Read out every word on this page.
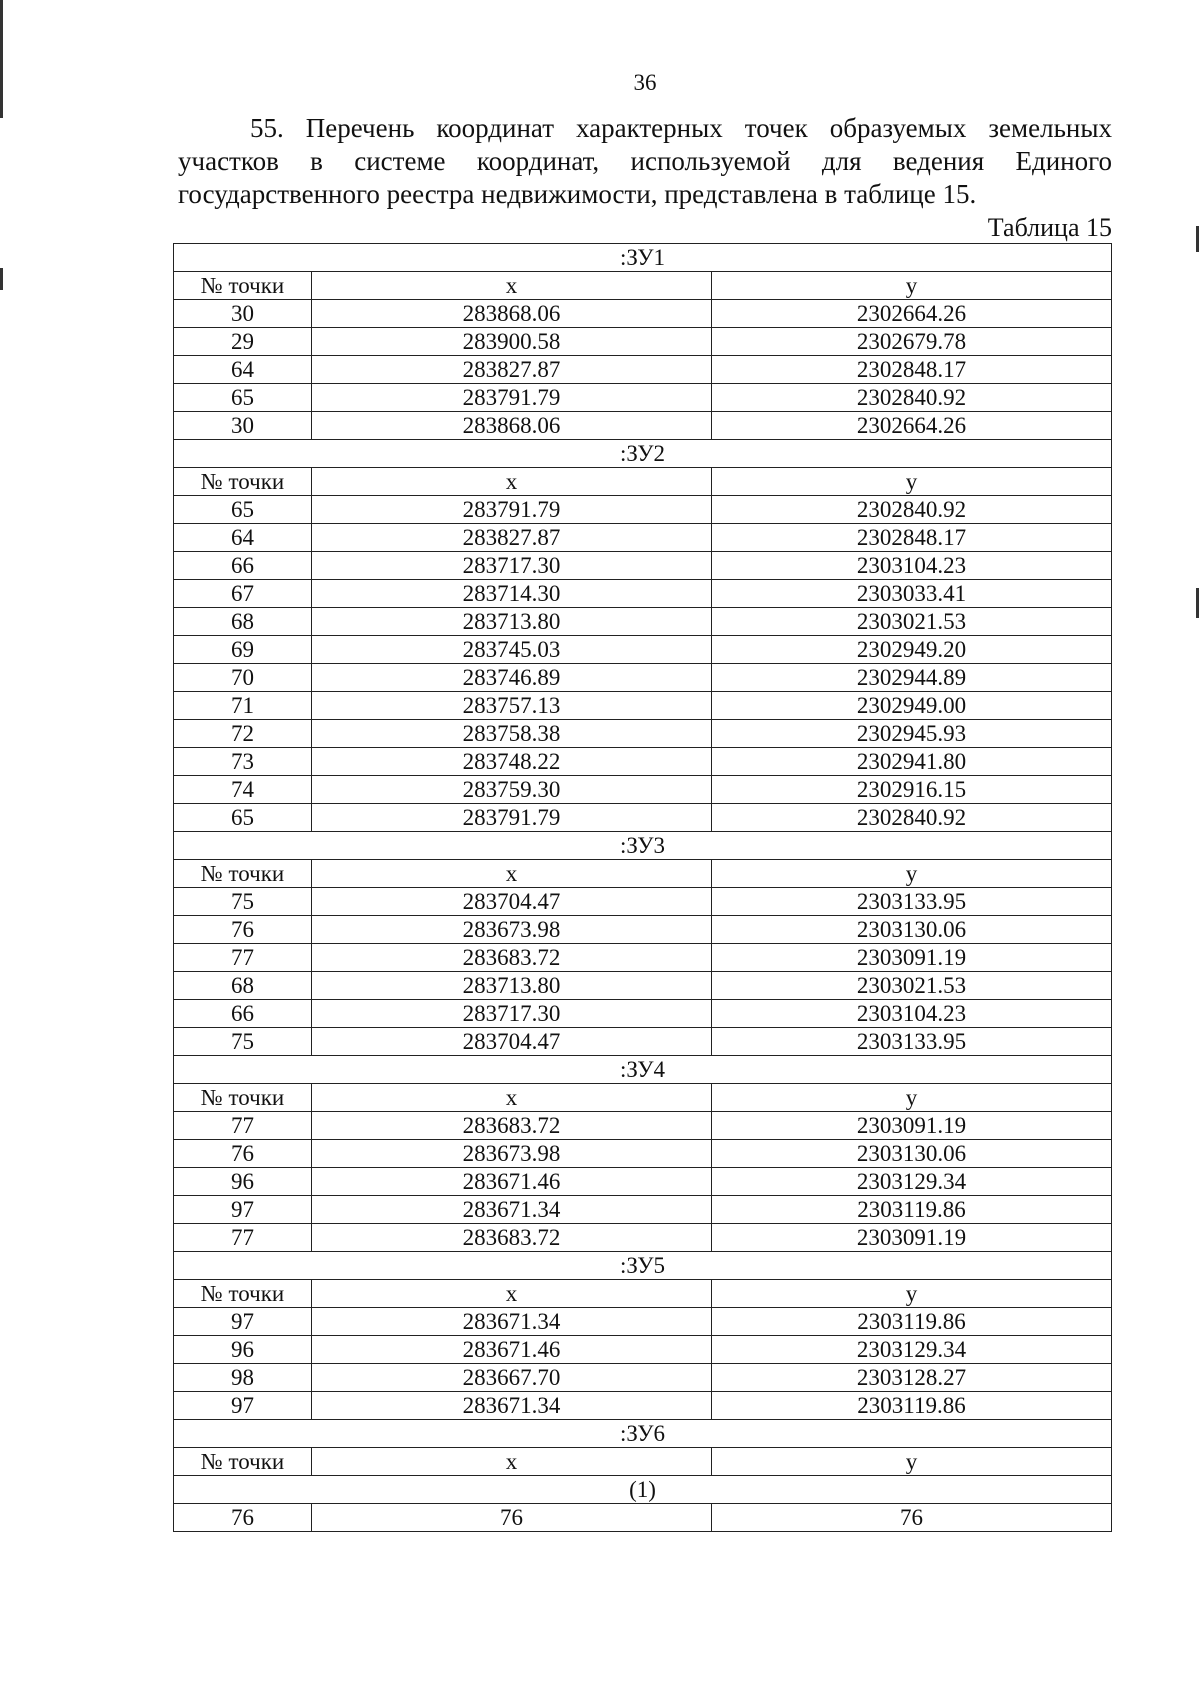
36

55. Перечень координат характерных точек образуемых земельных участков в системе координат, используемой для ведения Единого государственного реестра недвижимости, представлена в таблице 15.

Таблица 15
:ЗУ1		
№ точки	x	y
30	283868.06	2302664.26
29	283900.58	2302679.78
64	283827.87	2302848.17
65	283791.79	2302840.92
30	283868.06	2302664.26
:ЗУ2		
№ точки	x	y
65	283791.79	2302840.92
64	283827.87	2302848.17
66	283717.30	2303104.23
67	283714.30	2303033.41
68	283713.80	2303021.53
69	283745.03	2302949.20
70	283746.89	2302944.89
71	283757.13	2302949.00
72	283758.38	2302945.93
73	283748.22	2302941.80
74	283759.30	2302916.15
65	283791.79	2302840.92
:ЗУ3		
№ точки	x	y
75	283704.47	2303133.95
76	283673.98	2303130.06
77	283683.72	2303091.19
68	283713.80	2303021.53
66	283717.30	2303104.23
75	283704.47	2303133.95
:ЗУ4		
№ точки	x	y
77	283683.72	2303091.19
76	283673.98	2303130.06
96	283671.46	2303129.34
97	283671.34	2303119.86
77	283683.72	2303091.19
:ЗУ5		
№ точки	x	y
97	283671.34	2303119.86
96	283671.46	2303129.34
98	283667.70	2303128.27
97	283671.34	2303119.86
:ЗУ6		
№ точки	x	y
(1)		
76	76	76
